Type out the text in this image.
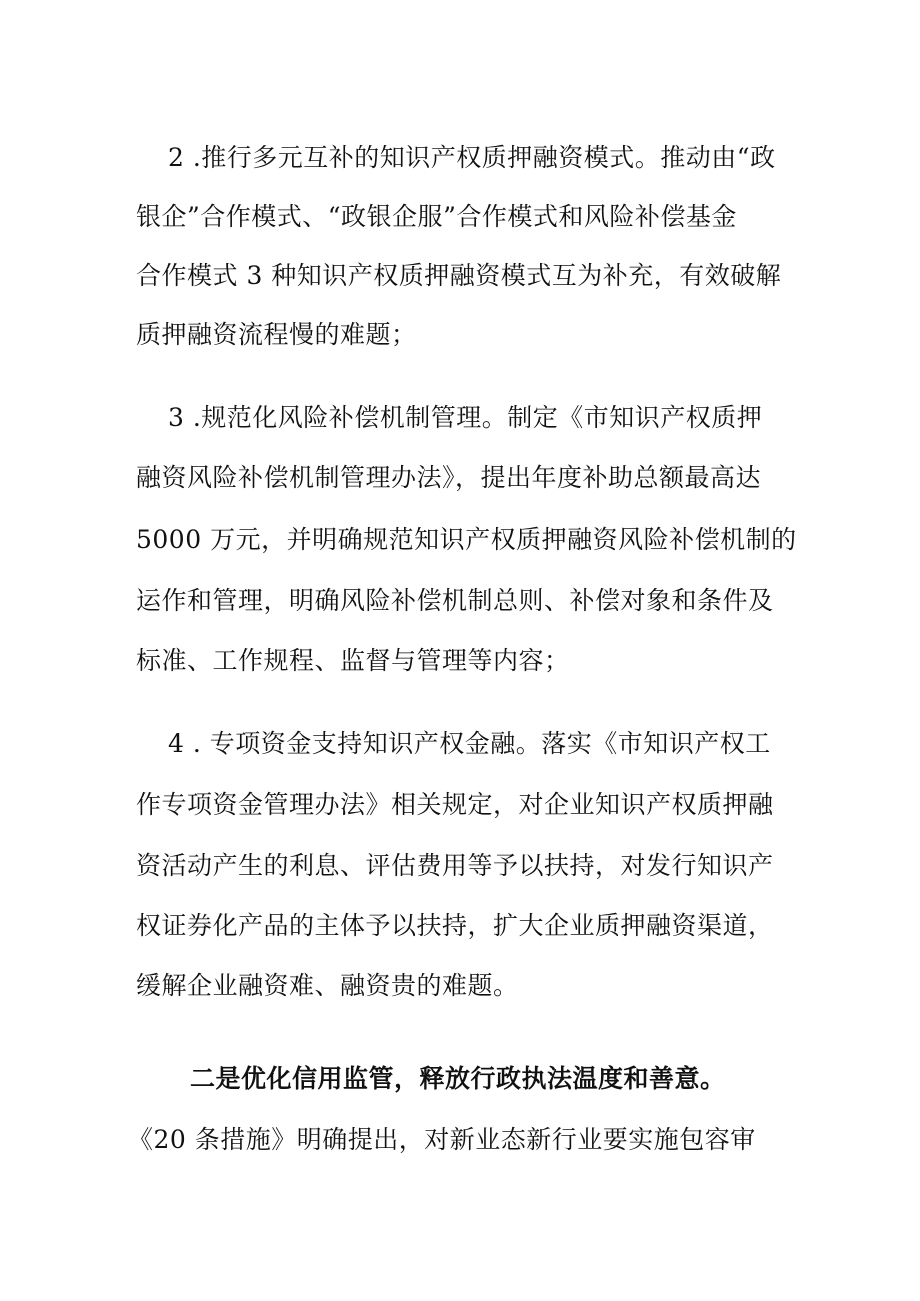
2 .推行多元互补的知识产权质押融资模式。推动由“政
银企”合作模式、“政银企服”合作模式和风险补偿基金
合作模式 3 种知识产权质押融资模式互为补充，有效破解
质押融资流程慢的难题；
3 .规范化风险补偿机制管理。制定《市知识产权质押
融资风险补偿机制管理办法》，提出年度补助总额最高达
5000 万元，并明确规范知识产权质押融资风险补偿机制的
运作和管理，明确风险补偿机制总则、补偿对象和条件及
标准、工作规程、监督与管理等内容；
4 . 专项资金支持知识产权金融。落实《市知识产权工
作专项资金管理办法》相关规定，对企业知识产权质押融
资活动产生的利息、评估费用等予以扶持，对发行知识产
权证券化产品的主体予以扶持，扩大企业质押融资渠道，
缓解企业融资难、融资贵的难题。
二是优化信用监管，释放行政执法温度和善意。
《20 条措施》明确提出，对新业态新行业要实施包容审
